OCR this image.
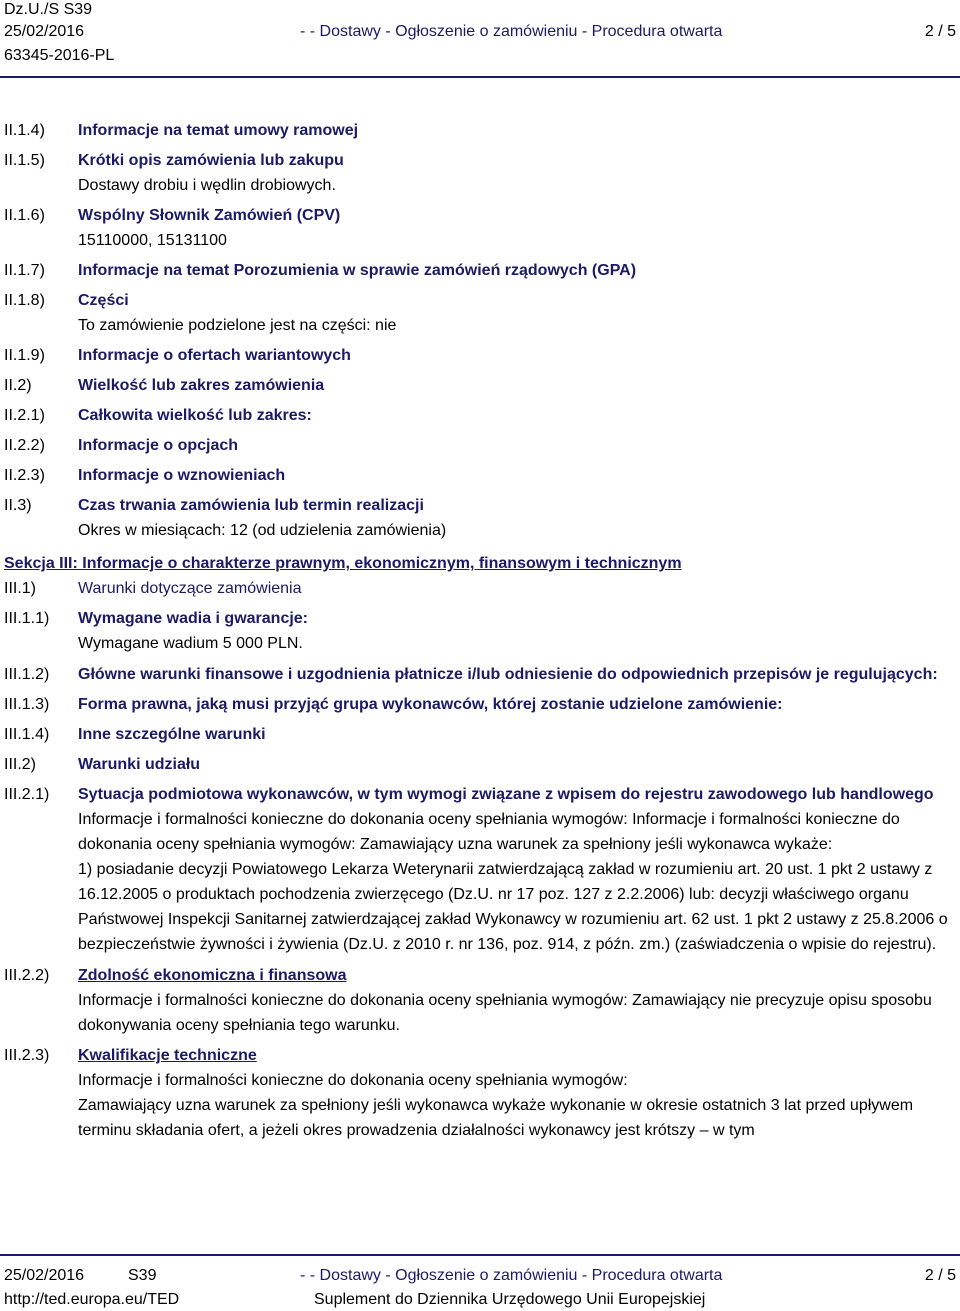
Dz.U./S S39
25/02/2016
63345-2016-PL
- - Dostawy - Ogłoszenie o zamówieniu - Procedura otwarta	2 / 5
II.1.4)	Informacje na temat umowy ramowej

II.1.5)	Krótki opis zamówienia lub zakupu

Dostawy drobiu i wędlin drobiowych.

II.1.6)	Wspólny Słownik Zamówień (CPV)

15110000, 15131100

II.1.7)	Informacje na temat Porozumienia w sprawie zamówień rządowych (GPA)

II.1.8)	Części

To zamówienie podzielone jest na części: nie

II.1.9)	Informacje o ofertach wariantowych

II.2)	Wielkość lub zakres zamówienia

II.2.1)	Całkowita wielkość lub zakres:

II.2.2)	Informacje o opcjach

II.2.3)	Informacje o wznowieniach

II.3)	Czas trwania zamówienia lub termin realizacji

Okres w miesiącach: 12 (od udzielenia zamówienia)

Sekcja III: Informacje o charakterze prawnym, ekonomicznym, finansowym i technicznym
III.1)	Warunki dotyczące zamówienia

III.1.1)	Wymagane wadia i gwarancje:

Wymagane wadium 5 000 PLN.

III.1.2)	Główne warunki finansowe i uzgodnienia płatnicze i/lub odniesienie do odpowiednich przepisów je regulujących:

III.1.3)	Forma prawna, jaką musi przyjąć grupa wykonawców, której zostanie udzielone zamówienie:

III.1.4)	Inne szczególne warunki

III.2)	Warunki udziału

III.2.1)	Sytuacja podmiotowa wykonawców, w tym wymogi związane z wpisem do rejestru zawodowego lub handlowego

Informacje i formalności konieczne do dokonania oceny spełniania wymogów: Informacje i formalności konieczne do dokonania oceny spełniania wymogów: Zamawiający uzna warunek za spełniony jeśli wykonawca wykaże:

1) posiadanie decyzji Powiatowego Lekarza Weterynarii zatwierdzającą zakład w rozumieniu art. 20 ust. 1 pkt 2 ustawy z 16.12.2005 o produktach pochodzenia zwierzęcego (Dz.U. nr 17 poz. 127 z 2.2.2006) lub: decyzji właściwego organu Państwowej Inspekcji Sanitarnej zatwierdzającej zakład Wykonawcy w rozumieniu art. 62 ust. 1 pkt 2 ustawy z 25.8.2006 o bezpieczeństwie żywności i żywienia (Dz.U. z 2010 r. nr 136, poz. 914, z późn. zm.) (zaświadczenia o wpisie do rejestru).

III.2.2)	Zdolność ekonomiczna i finansowa

Informacje i formalności konieczne do dokonania oceny spełniania wymogów: Zamawiający nie precyzuje opisu sposobu dokonywania oceny spełniania tego warunku.

III.2.3)	Kwalifikacje techniczne

Informacje i formalności konieczne do dokonania oceny spełniania wymogów:

Zamawiający uzna warunek za spełniony jeśli wykonawca wykaże wykonanie w okresie ostatnich 3 lat przed upływem terminu składania ofert, a jeżeli okres prowadzenia działalności wykonawcy jest krótszy – w tym

25/02/2016	S39
http://ted.europa.eu/TED
- - Dostawy - Ogłoszenie o zamówieniu - Procedura otwarta
Suplement do Dziennika Urzędowego Unii Europejskiej
2 / 5
